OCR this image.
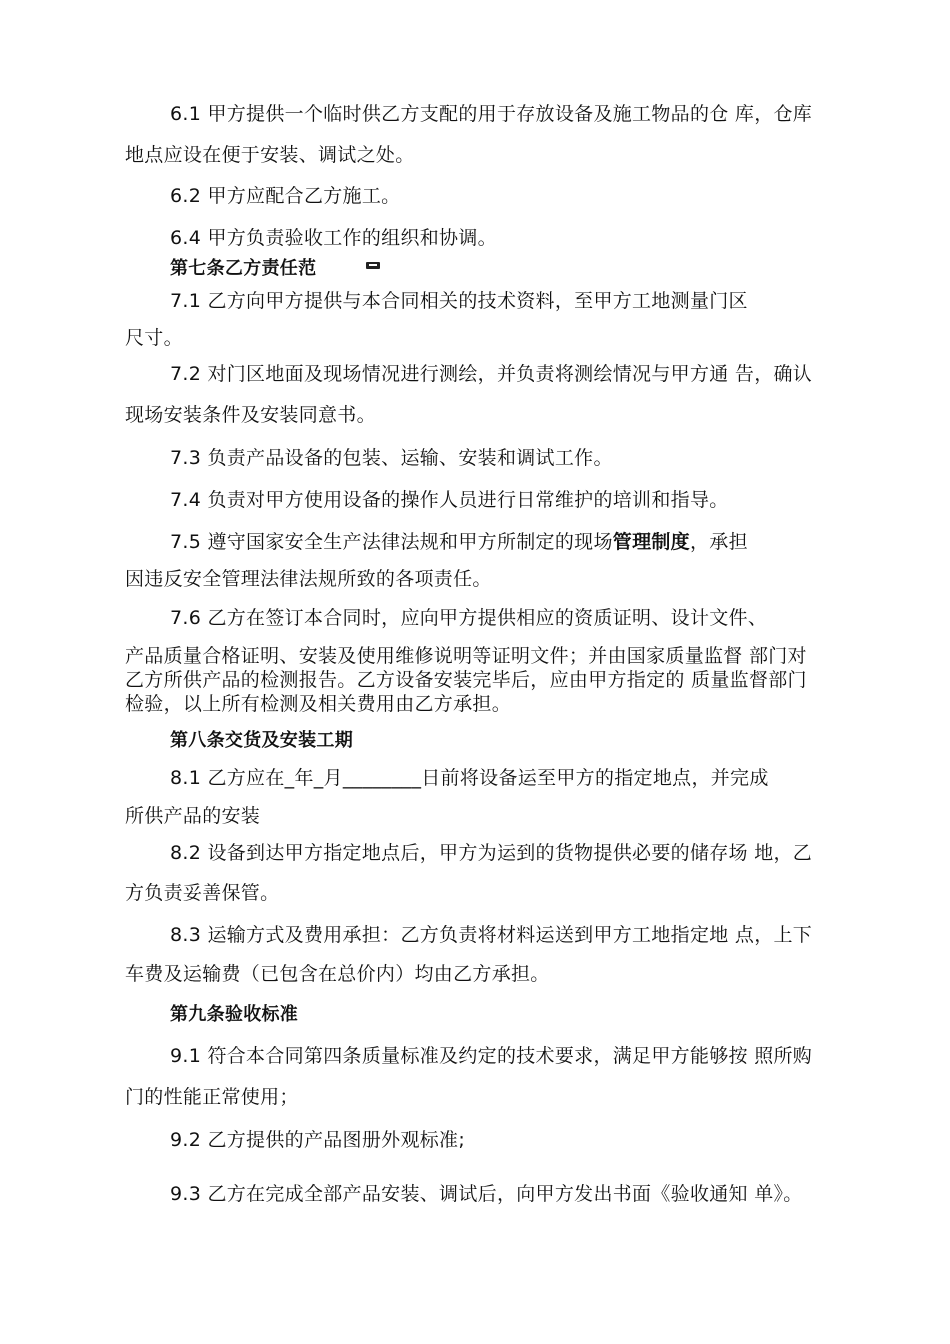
6.1 甲方提供一个临时供乙方支配的用于存放设备及施工物品的仓 库，仓库
地点应设在便于安装、调试之处。
6.2 甲方应配合乙方施工。
6.4 甲方负责验收工作的组织和协调。
第七条乙方责任范
7.1 乙方向甲方提供与本合同相关的技术资料，至甲方工地测量门区
尺寸。
7.2 对门区地面及现场情况进行测绘，并负责将测绘情况与甲方通 告，确认
现场安装条件及安装同意书。
7.3 负责产品设备的包装、运输、安装和调试工作。
7.4 负责对甲方使用设备的操作人员进行日常维护的培训和指导。
7.5 遵守国家安全生产法律法规和甲方所制定的现场管理制度，承担
因违反安全管理法律法规所致的各项责任。
7.6 乙方在签订本合同时，应向甲方提供相应的资质证明、设计文件、
产品质量合格证明、安装及使用维修说明等证明文件；并由国家质量监督 部门对
乙方所供产品的检测报告。乙方设备安装完毕后，应由甲方指定的 质量监督部门
检验，以上所有检测及相关费用由乙方承担。
第八条交货及安装工期
8.1 乙方应在_年_月________日前将设备运至甲方的指定地点，并完成
所供产品的安装
8.2 设备到达甲方指定地点后，甲方为运到的货物提供必要的储存场 地，乙
方负责妥善保管。
8.3 运输方式及费用承担：乙方负责将材料运送到甲方工地指定地 点，上下
车费及运输费（已包含在总价内）均由乙方承担。
第九条验收标准
9.1 符合本合同第四条质量标准及约定的技术要求，满足甲方能够按 照所购
门的性能正常使用；
9.2 乙方提供的产品图册外观标准;
9.3 乙方在完成全部产品安装、调试后，向甲方发出书面《验收通知 单》。
